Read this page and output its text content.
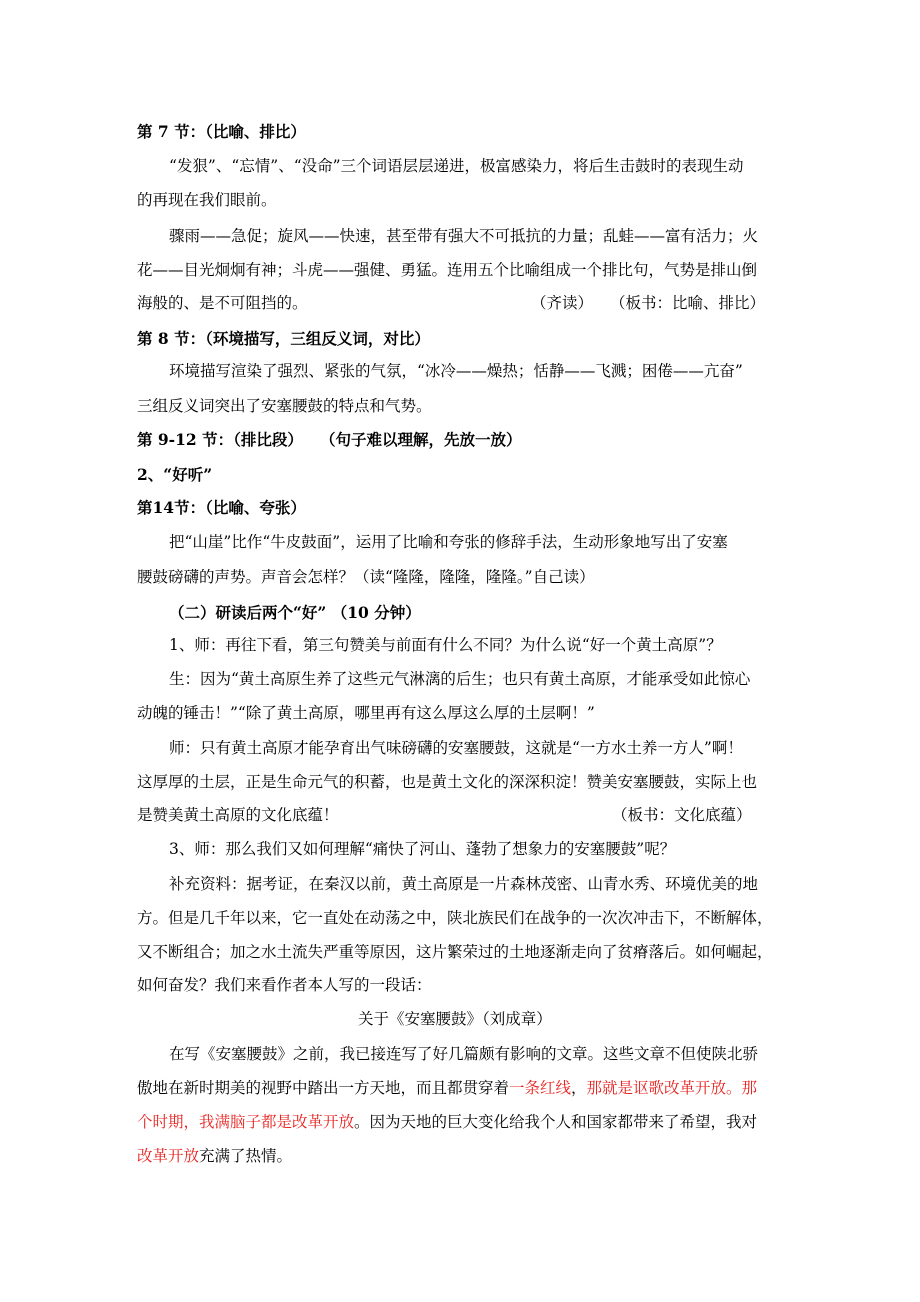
第 7 节：（比喻、排比）
“发狠”、“忘情”、“没命”三个词语层层递进，极富感染力，将后生击鼓时的表现生动
的再现在我们眼前。
骤雨——急促；旋风——快速，甚至带有强大不可抵抗的力量；乱蛙——富有活力；火
花——目光炯炯有神；斗虎——强健、勇猛。连用五个比喻组成一个排比句，气势是排山倒
海般的、是不可阻挡的。	（齐读） （板书：比喻、排比）
第 8 节：（环境描写，三组反义词，对比）
环境描写渲染了强烈、紧张的气氛，“冰冷——燥热；恬静——飞溅；困倦——亢奋”
三组反义词突出了安塞腰鼓的特点和气势。
第 9-12 节：（排比段） （句子难以理解，先放一放）
2、“好听”
第14节：（比喻、夸张）
把“山崖”比作“牛皮鼓面”，运用了比喻和夸张的修辞手法，生动形象地写出了安塞
腰鼓磅礴的声势。声音会怎样？（读“隆隆，隆隆，隆隆。”自己读）
（二）研读后两个“好” （10 分钟）
1、师：再往下看，第三句赞美与前面有什么不同？为什么说“好一个黄土高原”？
生：因为“黄土高原生养了这些元气淋漓的后生；也只有黄土高原，才能承受如此惊心
动魄的锤击！”“除了黄土高原，哪里再有这么厚这么厚的土层啊！”
师：只有黄土高原才能孕育出气味磅礴的安塞腰鼓，这就是“一方水土养一方人”啊！
这厚厚的土层，正是生命元气的积蓄，也是黄土文化的深深积淀！赞美安塞腰鼓，实际上也
是赞美黄土高原的文化底蕴！	（板书：文化底蕴）
3、师：那么我们又如何理解“痛快了河山、蓬勃了想象力的安塞腰鼓”呢？
补充资料：据考证，在秦汉以前，黄土高原是一片森林茂密、山青水秀、环境优美的地
方。但是几千年以来，它一直处在动荡之中，陕北族民们在战争的一次次冲击下，不断解体，
又不断组合；加之水土流失严重等原因，这片繁荣过的土地逐渐走向了贫瘠落后。如何崛起，
如何奋发？我们来看作者本人写的一段话：
关于《安塞腰鼓》（刘成章）
在写《安塞腰鼓》之前，我已接连写了好几篇颇有影响的文章。这些文章不但使陕北骄
傲地在新时期美的视野中踏出一方天地，而且都贯穿着一条红线，那就是讴歌改革开放。那
个时期，我满脑子都是改革开放。因为天地的巨大变化给我个人和国家都带来了希望，我对
改革开放充满了热情。
